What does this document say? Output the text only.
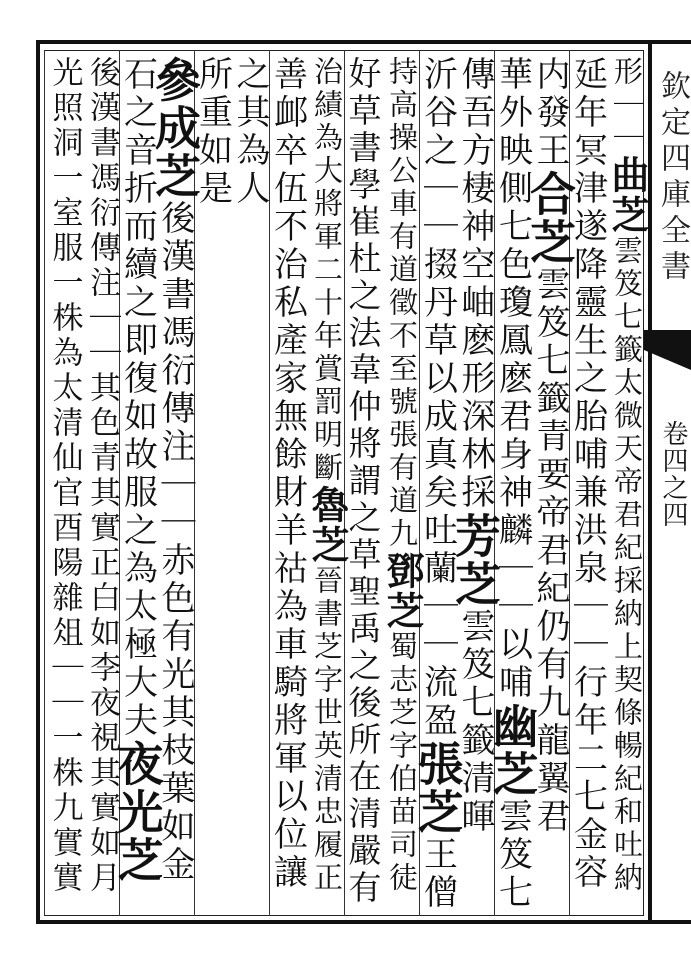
欽定四庫全書
卷四之四
形｜｜曲芝雲笈七籤太微天帝君紀採納上契條暢紀和吐納
延年冥津遂降靈生之胎哺兼洪泉｜｜行年二七金容
内發王合芝雲笈七籤青要帝君紀仍有九龍翼君
華外映側七色瓊鳳麽君身神麟｜｜以哺幽芝雲笈七
傳吾方棲神空岫麽形深林採芳芝雲笈七籤清暉
沂谷之｜｜掇丹草以成真矣吐蘭｜｜流盈張芝王僧
持高操公車有道徵不至號張有道九鄧芝蜀志芝字伯苗司徒
好草書學崔杜之法韋仲將謂之草聖禹之後所在清嚴有
治績為大將軍二十年賞罰明斷魯芝晉書芝字世英清忠履正
善䘏卒伍不治私產家無餘財羊祜為車騎將軍以位讓
之其為人
所重如是
參成芝後漢書馮衍傳注｜｜赤色有光其枝葉如金
石之音折而續之即復如故服之為太極大夫夜光芝
後漢書馮衍傳注｜｜其色青其實正白如李夜視其實如月
光照洞一室服一株為太清仙官酉陽雜俎｜｜一株九實實
